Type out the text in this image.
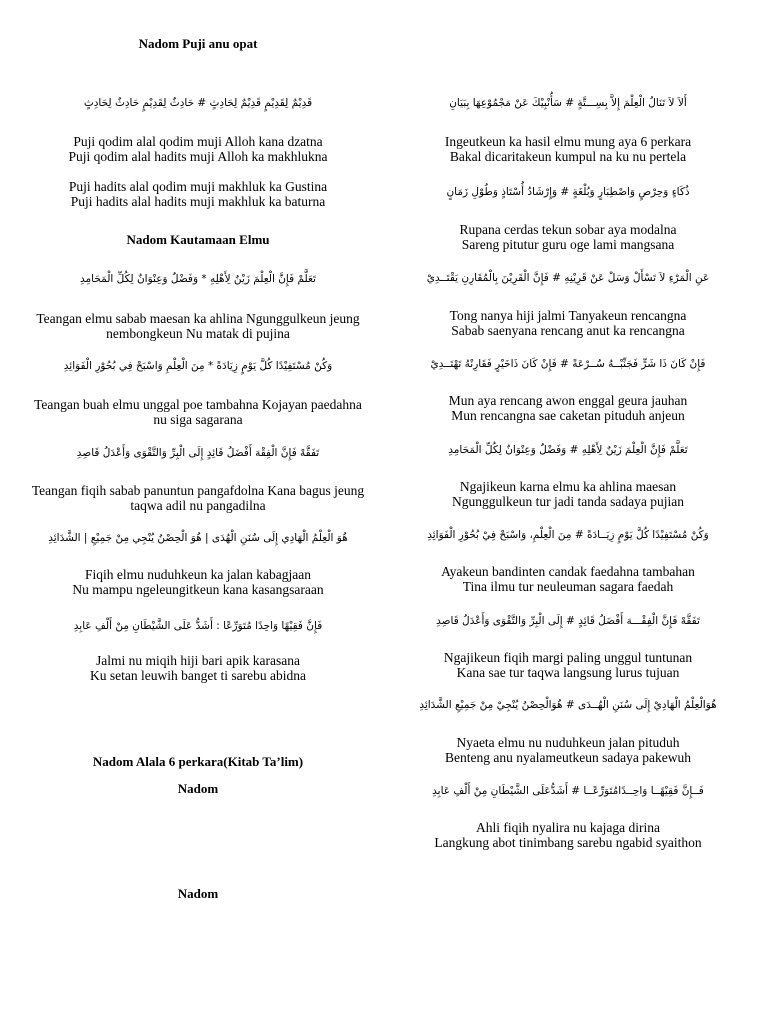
Nadom Puji anu opat

قَدِيْمٌ لِقَدِيْمٍ قَدِيْمٌ لِحَادِثٍ # حَادِثٌ لِقَدِيْمٍ حَادِثٌ لِحَادِثٍ

Puji qodim alal qodim muji Alloh kana dzatna
Puji qodim alal hadits muji Alloh ka makhlukna
Puji hadits alal qodim muji makhluk ka Gustina
Puji hadits alal hadits muji makhluk ka baturna

Nadom Kautamaan Elmu

تَعَلَّمْ فَإِنَّ الْعِلْمَ زَيْنٌ لِأَهْلِهِ * وَفَضْلٌ وَعِنْوَانٌ لِكُلِّ الْمَحَامِدِ

Teangan elmu sabab maesan ka ahlina Ngunggulkeun jeung
nembongkeun Nu matak di pujina

وَكُنْ مُسْتَفِيْدًا كُلَّ يَوْمٍ زِيَادَةً * مِنَ الْعِلْمِ وَاسْبَحْ فِي بُحُوْرِ الْفَوَائِدِ

Teangan buah elmu unggal poe tambahna Kojayan paedahna
nu siga sagarana

تَفَقَّهْ فَإِنَّ الْفِقْهَ أَفْضَلُ قَائِدٍ إِلَى الْبِرِّ وَالتَّقْوَى وَأَعْدَلُ قَاصِدِ

Teangan fiqih sabab panuntun pangafdolna Kana bagus jeung
taqwa adil nu pangadilna

هُوَ الْعِلْمُ الْهَادِي إِلَى سُنَنِ الْهُدَى | هُوَ الْحِصْنُ يُنْجِي مِنْ جَمِيْعِ | الشَّدَائِدِ

Fiqih elmu nuduhkeun ka jalan kabagjaan
Nu mampu ngeleungitkeun kana kasangsaraan

فَإِنَّ فَقِيْهًا وَاحِدًا مُتَوَرِّعًا : أَشَدُّ عَلَى الشَّيْطَانِ مِنْ أَلْفِ عَابِدِ

Jalmi nu miqih hiji bari apik karasana
Ku setan leuwih banget ti sarebu abidna

Nadom Alala 6 perkara(Kitab Ta’lim)

Nadom

Nadom

أَلاَ لاَ تَنَالُ الْعِلْمَ إِلاَّ بِسِـــتَّةٍ # سَأُنْبِيْكَ عَنْ مَجْمُوْعِهَا بِبَيَانِ

Ingeutkeun ka hasil elmu mung aya 6 perkara
Bakal dicaritakeun kumpul na ku nu pertela

ذُكَاءٍ وَحِرْصٍ وَاصْطِبَارٍ وَبُلْغَةٍ # وَإِرْشَادُ أُسْتَاذٍ وَطُوْلِ زَمَانٍ

Rupana cerdas tekun sobar aya modalna
Sareng pitutur guru oge lami mangsana

عَنِ الْمَرْءِ لاَ تَسْأَلْ وَسَلْ عَنْ قَرِيْنِهِ # فَإِنَّ الْقَرِيْنَ بِالْمُقَارِنِ يَقْتَــدِيْ

Tong nanya hiji jalmi Tanyakeun rencangna
Sabab saenyana rencang anut ka rencangna

فَإِنْ كَانَ ذَا شَرٍّ فَجَنِّبْــهُ سُــرْعَةً # فَإِنْ كَانَ ذَاخَيْرٍ فَقَارِنْهُ تَهْتَــدِيْ

Mun aya rencang awon enggal geura jauhan
Mun rencangna sae caketan pituduh anjeun

تَعَلَّمْ فَإِنَّ الْعِلْمَ زَيْنٌ لِأَهْلِهِ # وَفَضْلٌ وَعِنْوَانٌ لِكُلِّ الْمَحَامِدِ

Ngajikeun karna elmu ka ahlina maesan
Ngunggulkeun tur jadi tanda sadaya pujian

وَكُنْ مُسْتَفِيْدًا كُلَّ يَوْمٍ زِيَــادَةً # مِنَ الْعِلْمِ، وَاسْبَحْ فِيْ بُحُوْرِ الْفَوَائِدِ

Ayakeun bandinten candak faedahna tambahan
Tina ilmu tur neuleuman sagara faedah

تَفَقَّهْ فَإِنَّ الْفِقْـــهَ أَفْضَلُ قَائِدٍ # إِلَى الْبِرِّ وَالتَّقْوَى وَأَعْدَلُ قَاصِدِ

Ngajikeun fiqih margi paling unggul tuntunan
Kana sae tur taqwa langsung lurus tujuan

هُوَالْعِلْمُ الْهَادِيْ إِلَى سُنَنِ الْهُــدَى # هُوَالْحِصْنُ يُنْجِيْ مِنْ جَمِيْعِ الشَّدَائِدِ

Nyaeta elmu nu nuduhkeun jalan pituduh
Benteng anu nyalameutkeun sadaya pakewuh

فَــإِنَّ فَقِيْهًــا وَاحِــدًامُتَوَرِّعًــا # أَشَدُّعَلَى الشَّيْطَانِ مِنْ أَلْفِ عَابِدِ

Ahli fiqih nyalira nu kajaga dirina
Langkung abot tinimbang sarebu ngabid syaithon
